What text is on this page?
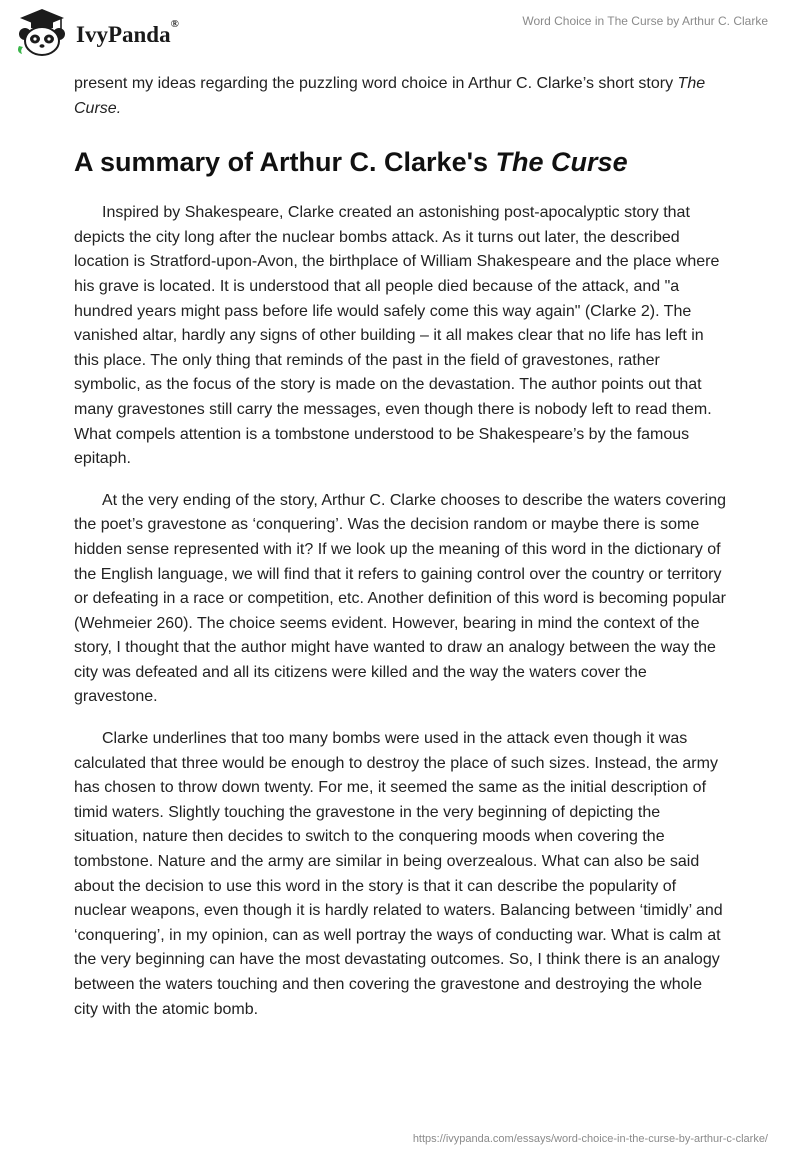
IvyPanda®	Word Choice in The Curse by Arthur C. Clarke

present my ideas regarding the puzzling word choice in Arthur C. Clarke’s short story The Curse.

A summary of Arthur C. Clarke's The Curse

Inspired by Shakespeare, Clarke created an astonishing post-apocalyptic story that depicts the city long after the nuclear bombs attack. As it turns out later, the described location is Stratford-upon-Avon, the birthplace of William Shakespeare and the place where his grave is located. It is understood that all people died because of the attack, and "a hundred years might pass before life would safely come this way again" (Clarke 2). The vanished altar, hardly any signs of other building – it all makes clear that no life has left in this place. The only thing that reminds of the past in the field of gravestones, rather symbolic, as the focus of the story is made on the devastation. The author points out that many gravestones still carry the messages, even though there is nobody left to read them. What compels attention is a tombstone understood to be Shakespeare’s by the famous epitaph.

At the very ending of the story, Arthur C. Clarke chooses to describe the waters covering the poet’s gravestone as ‘conquering’. Was the decision random or maybe there is some hidden sense represented with it? If we look up the meaning of this word in the dictionary of the English language, we will find that it refers to gaining control over the country or territory or defeating in a race or competition, etc. Another definition of this word is becoming popular (Wehmeier 260). The choice seems evident. However, bearing in mind the context of the story, I thought that the author might have wanted to draw an analogy between the way the city was defeated and all its citizens were killed and the way the waters cover the gravestone.

Clarke underlines that too many bombs were used in the attack even though it was calculated that three would be enough to destroy the place of such sizes. Instead, the army has chosen to throw down twenty. For me, it seemed the same as the initial description of timid waters. Slightly touching the gravestone in the very beginning of depicting the situation, nature then decides to switch to the conquering moods when covering the tombstone. Nature and the army are similar in being overzealous. What can also be said about the decision to use this word in the story is that it can describe the popularity of nuclear weapons, even though it is hardly related to waters. Balancing between ‘timidly’ and ‘conquering’, in my opinion, can as well portray the ways of conducting war. What is calm at the very beginning can have the most devastating outcomes. So, I think there is an analogy between the waters touching and then covering the gravestone and destroying the whole city with the atomic bomb.

https://ivypanda.com/essays/word-choice-in-the-curse-by-arthur-c-clarke/
